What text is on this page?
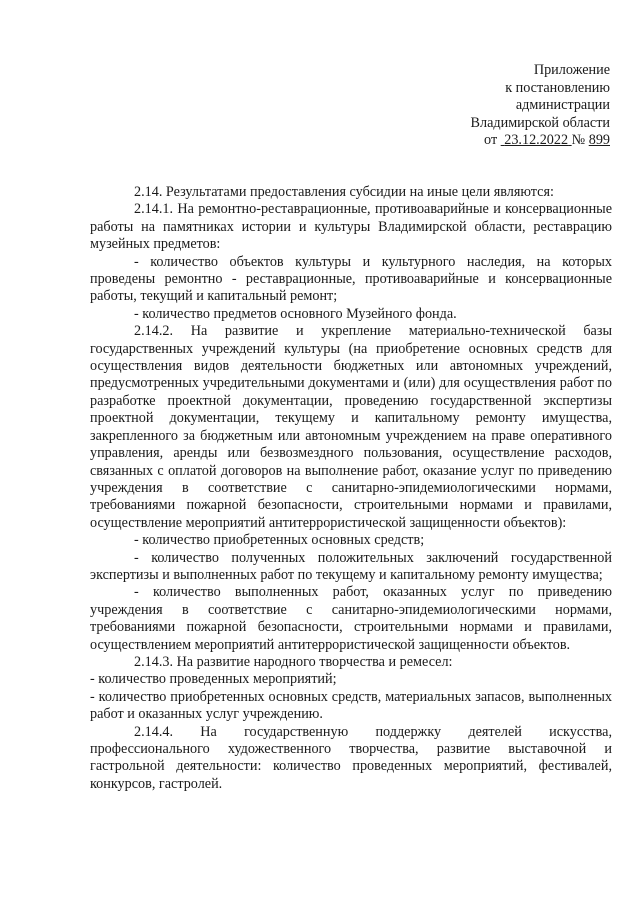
Приложение
к постановлению
администрации
Владимирской области
от 23.12.2022 № 899

2.14. Результатами предоставления субсидии на иные цели являются:

2.14.1. На ремонтно-реставрационные, противоаварийные и консервационные работы на памятниках истории и культуры Владимирской области, реставрацию музейных предметов:

- количество объектов культуры и культурного наследия, на которых проведены ремонтно - реставрационные, противоаварийные и консервационные работы, текущий и капитальный ремонт;

- количество предметов основного Музейного фонда.

2.14.2. На развитие и укрепление материально-технической базы государственных учреждений культуры (на приобретение основных средств для осуществления видов деятельности бюджетных или автономных учреждений, предусмотренных учредительными документами и (или) для осуществления работ по разработке проектной документации, проведению государственной экспертизы проектной документации, текущему и капитальному ремонту имущества, закрепленного за бюджетным или автономным учреждением на праве оперативного управления, аренды или безвозмездного пользования, осуществление расходов, связанных с оплатой договоров на выполнение работ, оказание услуг по приведению учреждения в соответствие с санитарно-эпидемиологическими нормами, требованиями пожарной безопасности, строительными нормами и правилами, осуществление мероприятий антитеррористической защищенности объектов):

- количество приобретенных основных средств;

- количество полученных положительных заключений государственной экспертизы и выполненных работ по текущему и капитальному ремонту имущества;

- количество выполненных работ, оказанных услуг по приведению учреждения в соответствие с санитарно-эпидемиологическими нормами, требованиями пожарной безопасности, строительными нормами и правилами, осуществлением мероприятий антитеррористической защищенности объектов.

2.14.3. На развитие народного творчества и ремесел:

- количество проведенных мероприятий;

- количество приобретенных основных средств, материальных запасов, выполненных работ и оказанных услуг учреждению.

2.14.4. На государственную поддержку деятелей искусства, профессионального художественного творчества, развитие выставочной и гастрольной деятельности: количество проведенных мероприятий, фестивалей, конкурсов, гастролей.
